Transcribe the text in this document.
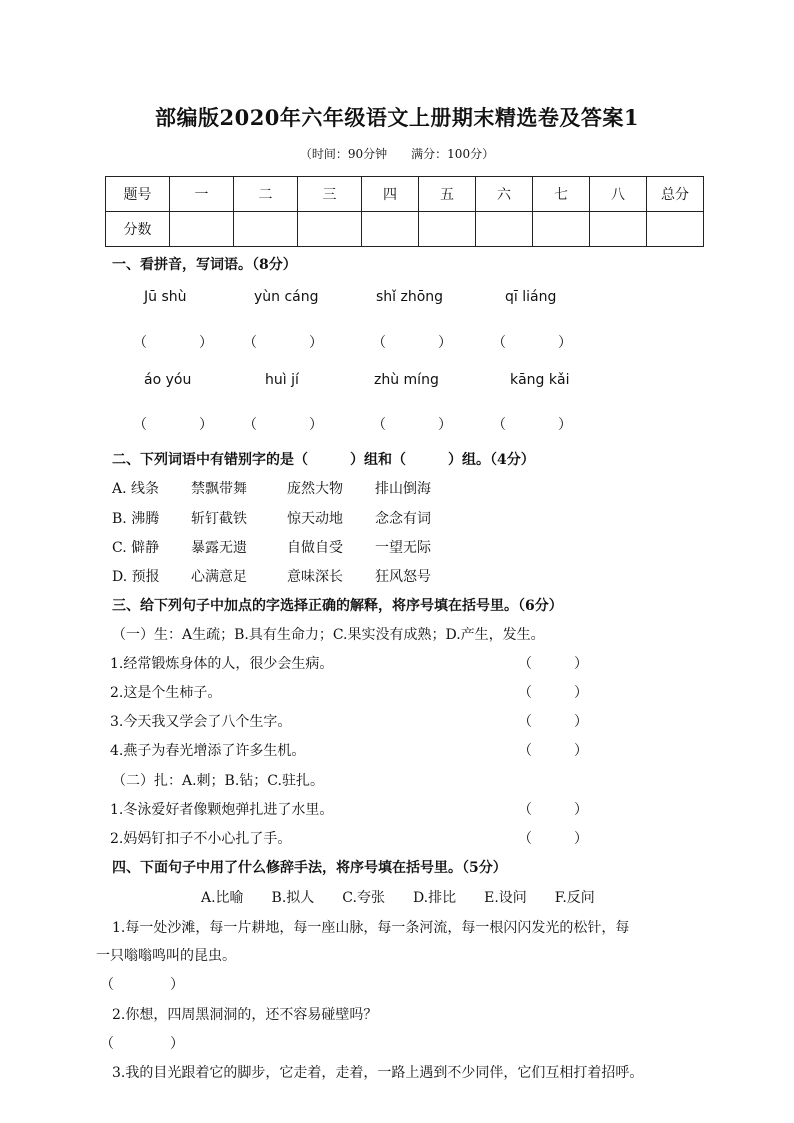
部编版2020年六年级语文上册期末精选卷及答案1
（时间：90分钟　　满分：100分）
题号	一	二	三	四	五	六	七	八	总分
分数									
一、看拼音，写词语。（8分）
Jū shù	yùn cáng	shǐ zhōng	qī liáng
（	） （	）	（	）	（	）
áo yóu	huì jí	zhù míng	kāng kǎi
（	） （	）	（	）	（	）
二、下列词语中有错别字的是（　　　）组和（　　　）组。（4分）
A. 线条 禁飘带舞	庞然大物 排山倒海
B. 沸腾 斩钉截铁	惊天动地 念念有词
C. 僻静 暴露无遗	自做自受 一望无际
D. 预报 心满意足	意味深长 狂风怒号
三、给下列句子中加点的字选择正确的解释，将序号填在括号里。（6分）
（一）生：A生疏；B.具有生命力；C.果实没有成熟；D.产生，发生。
1.经常锻炼身体的人，很少会生病。	（　　　）
2.这是个生柿子。	（　　　）
3.今天我又学会了八个生字。	（　　　）
4.燕子为春光增添了许多生机。	（　　　）
（二）扎：A.刺；B.钻；C.驻扎。
1.冬泳爱好者像颗炮弹扎进了水里。	（　　　）
2.妈妈钉扣子不小心扎了手。	（　　　）
四、下面句子中用了什么修辞手法，将序号填在括号里。（5分）
A.比喻　　B.拟人　　C.夸张　　D.排比　　E.设问　　F.反问
1.每一处沙滩，每一片耕地，每一座山脉，每一条河流，每一根闪闪发光的松针，每
一只嗡嗡鸣叫的昆虫。
（　　　　）
2.你想，四周黑洞洞的，还不容易碰壁吗？
（　　　　）
3.我的目光跟着它的脚步，它走着，走着，一路上遇到不少同伴，它们互相打着招呼。
